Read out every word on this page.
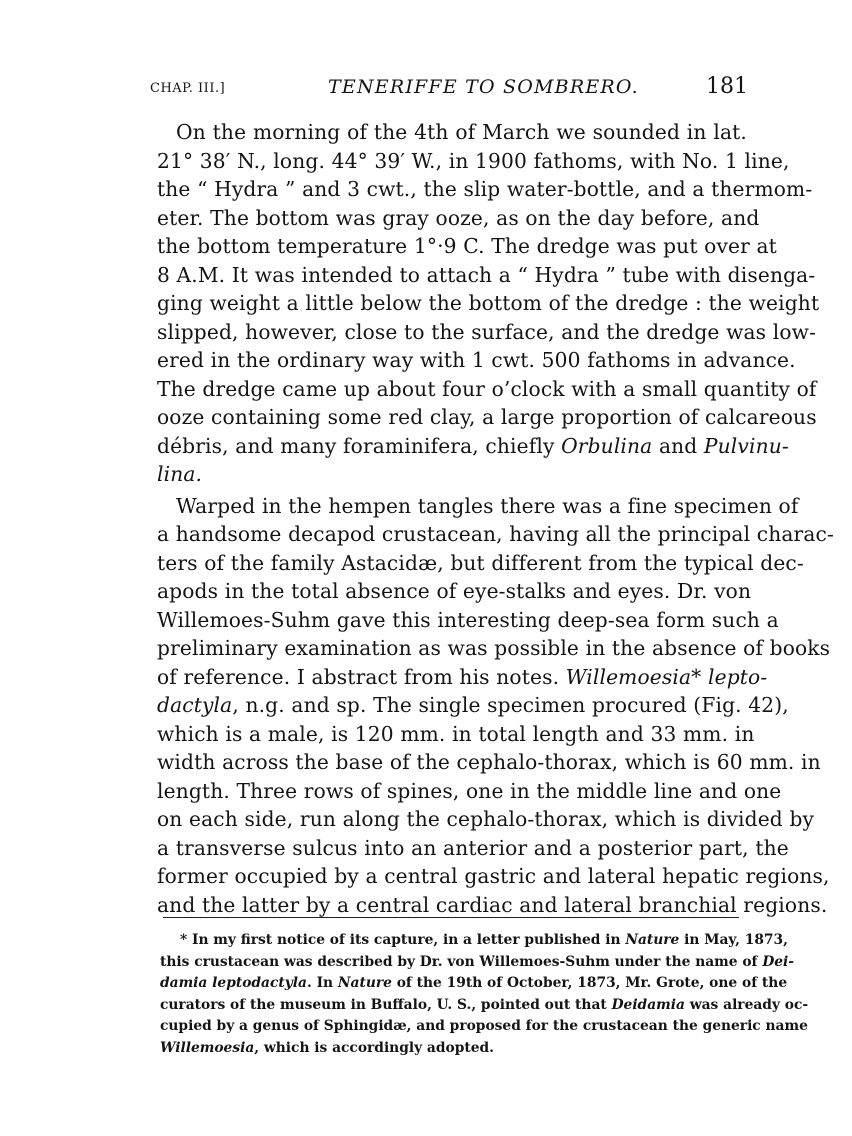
CHAP. III.]	TENERIFFE TO SOMBRERO.	181
On the morning of the 4th of March we sounded in lat.
21° 38′ N., long. 44° 39′ W., in 1900 fathoms, with No. 1 line,
the “ Hydra ” and 3 cwt., the slip water-bottle, and a thermom-
eter. The bottom was gray ooze, as on the day before, and
the bottom temperature 1°·9 C. The dredge was put over at
8 A.M. It was intended to attach a “ Hydra ” tube with disenga-
ging weight a little below the bottom of the dredge : the weight
slipped, however, close to the surface, and the dredge was low-
ered in the ordinary way with 1 cwt. 500 fathoms in advance.
The dredge came up about four o’clock with a small quantity of
ooze containing some red clay, a large proportion of calcareous
débris, and many foraminifera, chiefly Orbulina and Pulvinu-
lina.
Warped in the hempen tangles there was a fine specimen of
a handsome decapod crustacean, having all the principal charac-
ters of the family Astacidæ, but different from the typical dec-
apods in the total absence of eye-stalks and eyes. Dr. von
Willemoes-Suhm gave this interesting deep-sea form such a
preliminary examination as was possible in the absence of books
of reference. I abstract from his notes. Willemoesia* lepto-
dactyla, n.g. and sp. The single specimen procured (Fig. 42),
which is a male, is 120 mm. in total length and 33 mm. in
width across the base of the cephalo-thorax, which is 60 mm. in
length. Three rows of spines, one in the middle line and one
on each side, run along the cephalo-thorax, which is divided by
a transverse sulcus into an anterior and a posterior part, the
former occupied by a central gastric and lateral hepatic regions,
and the latter by a central cardiac and lateral branchial regions.
* In my first notice of its capture, in a letter published in Nature in May, 1873,
this crustacean was described by Dr. von Willemoes-Suhm under the name of Dei-
damia leptodactyla. In Nature of the 19th of October, 1873, Mr. Grote, one of the
curators of the museum in Buffalo, U. S., pointed out that Deidamia was already oc-
cupied by a genus of Sphingidæ, and proposed for the crustacean the generic name
Willemoesia, which is accordingly adopted.
